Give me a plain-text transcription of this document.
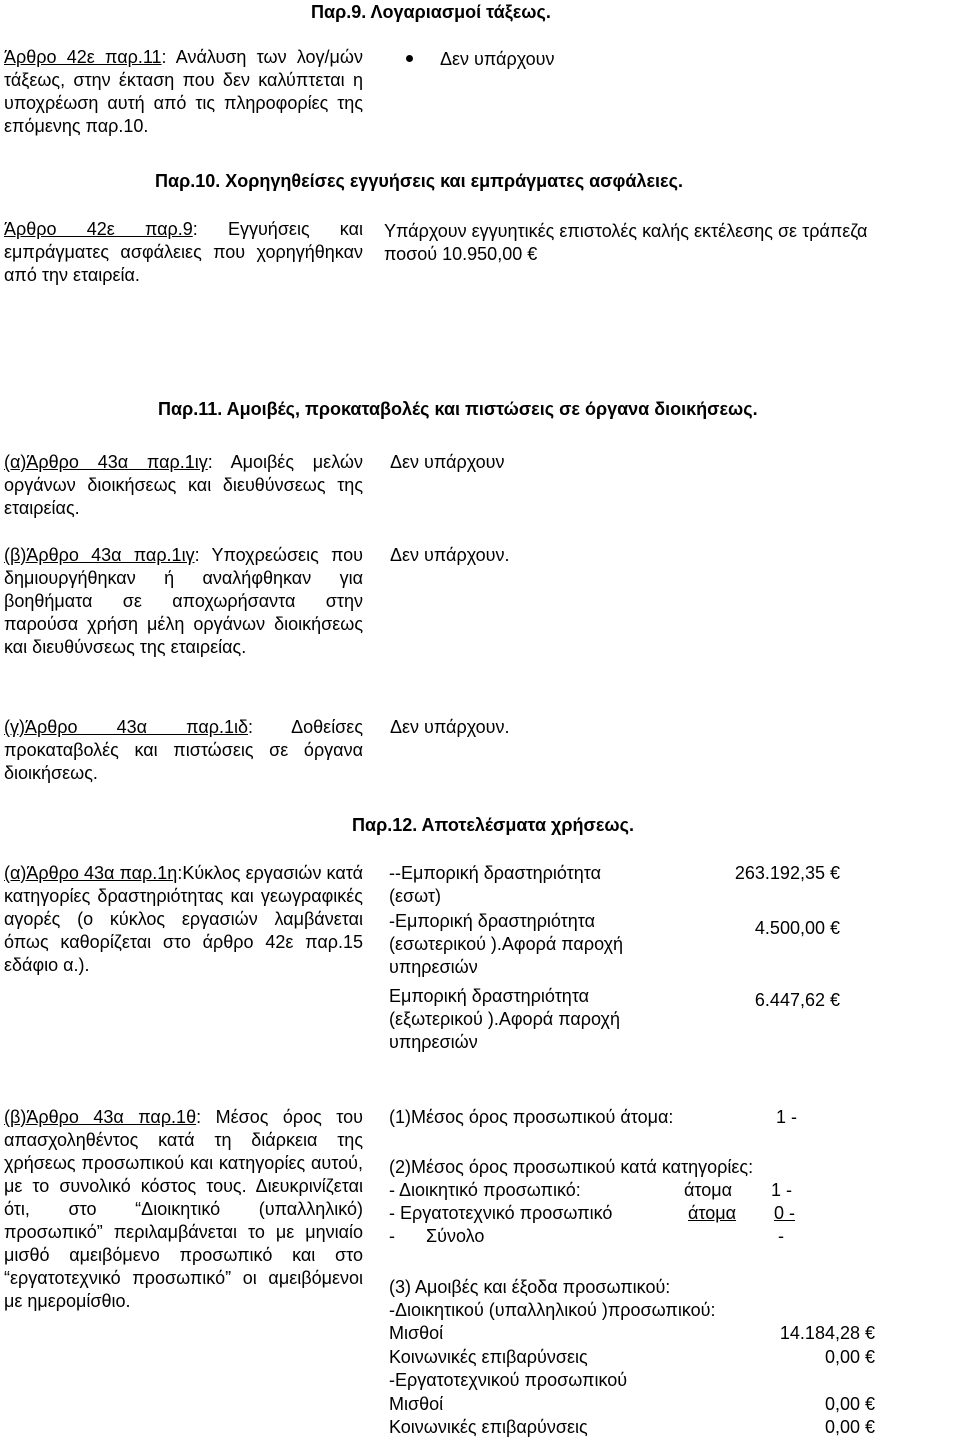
Παρ.9. Λογαριασμοί τάξεως.
Άρθρο 42ε παρ.11: Ανάλυση των λογ/μών τάξεως, στην έκταση που δεν καλύπτεται η υποχρέωση αυτή από τις πληροφορίες της επόμενης παρ.10.
Δεν υπάρχουν
Παρ.10. Χορηγηθείσες εγγυήσεις και εμπράγματες ασφάλειες.
Άρθρο 42ε παρ.9: Εγγυήσεις και εμπράγματες ασφάλειες που χορηγήθηκαν από την εταιρεία.
Υπάρχουν εγγυητικές επιστολές καλής εκτέλεσης σε τράπεζα
ποσού 10.950,00 €
Παρ.11. Αμοιβές, προκαταβολές και πιστώσεις σε όργανα διοικήσεως.
(α)Άρθρο 43α παρ.1ιγ: Αμοιβές μελών οργάνων διοικήσεως και διευθύνσεως της εταιρείας.
Δεν υπάρχουν
(β)Άρθρο 43α παρ.1ιγ: Υποχρεώσεις που δημιουργήθηκαν ή αναλήφθηκαν για βοηθήματα σε αποχωρήσαντα στην παρούσα χρήση μέλη οργάνων διοικήσεως και διευθύνσεως της εταιρείας.
Δεν υπάρχουν.
(γ)Άρθρο 43α παρ.1ιδ: Δοθείσες προκαταβολές και πιστώσεις σε όργανα διοικήσεως.
Δεν υπάρχουν.
Παρ.12. Αποτελέσματα χρήσεως.
(α)Άρθρο 43α παρ.1η:Κύκλος εργασιών κατά κατηγορίες δραστηριότητας και γεωγραφικές αγορές (ο κύκλος εργασιών λαμβάνεται όπως καθορίζεται στο άρθρο 42ε παρ.15 εδάφιο α.).
--Εμπορική δραστηριότητα
(εσωτ)
263.192,35 €
-Εμπορική δραστηριότητα
(εσωτερικού ).Αφορά παροχή
υπηρεσιών
4.500,00 €
Εμπορική δραστηριότητα
(εξωτερικού ).Αφορά παροχή
υπηρεσιών
6.447,62 €
(β)Άρθρο 43α παρ.1θ: Μέσος όρος του απασχοληθέντος κατά τη διάρκεια της χρήσεως προσωπικού και κατηγορίες αυτού, με το συνολικό κόστος τους. Διευκρινίζεται ότι, στο “Διοικητικό (υπαλληλικό) προσωπικό” περιλαμβάνεται το με μηνιαίο μισθό αμειβόμενο προσωπικό και στο “εργατοτεχνικό προσωπικό” οι αμειβόμενοι με ημερομίσθιο.
(1)Μέσος όρος προσωπικού άτομα:	1 -
(2)Μέσος όρος προσωπικού κατά κατηγορίες:
- Διοικητικό προσωπικό:	άτομα 1 -
- Εργατοτεχνικό προσωπικό	άτομα 0 -
- Σύνολο	-
(3) Αμοιβές και έξοδα προσωπικού:
-Διοικητικού (υπαλληλικού )προσωπικού:
Μισθοί	14.184,28 €
Κοινωνικές επιβαρύνσεις	0,00 €
-Εργατοτεχνικού προσωπικού
Μισθοί	0,00 €
Κοινωνικές επιβαρύνσεις	0,00 €
